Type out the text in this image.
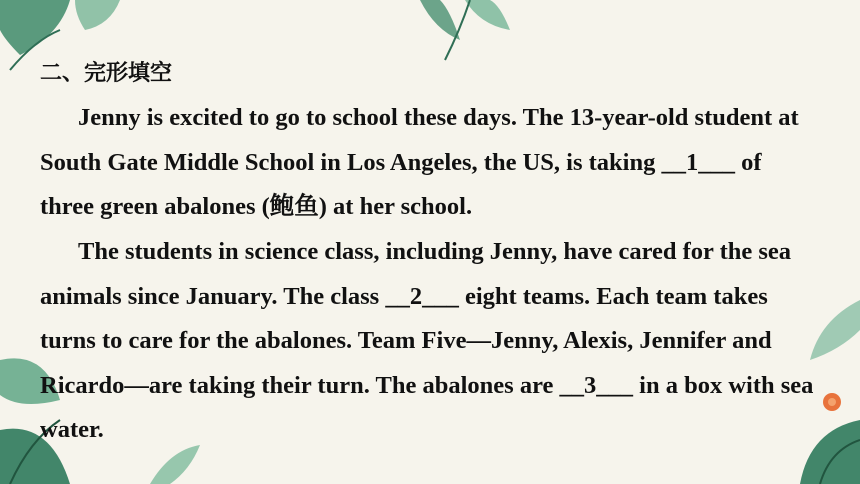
二、完形填空

Jenny is excited to go to school these days. The 13-year-old student at South Gate Middle School in Los Angeles, the US, is taking __1___ of three green abalones (鲍鱼) at her school.

The students in science class, including Jenny, have cared for the sea animals since January. The class __2___ eight teams. Each team takes turns to care for the abalones. Team Five—Jenny, Alexis, Jennifer and Ricardo—are taking their turn. The abalones are __3___ in a box with sea water.
